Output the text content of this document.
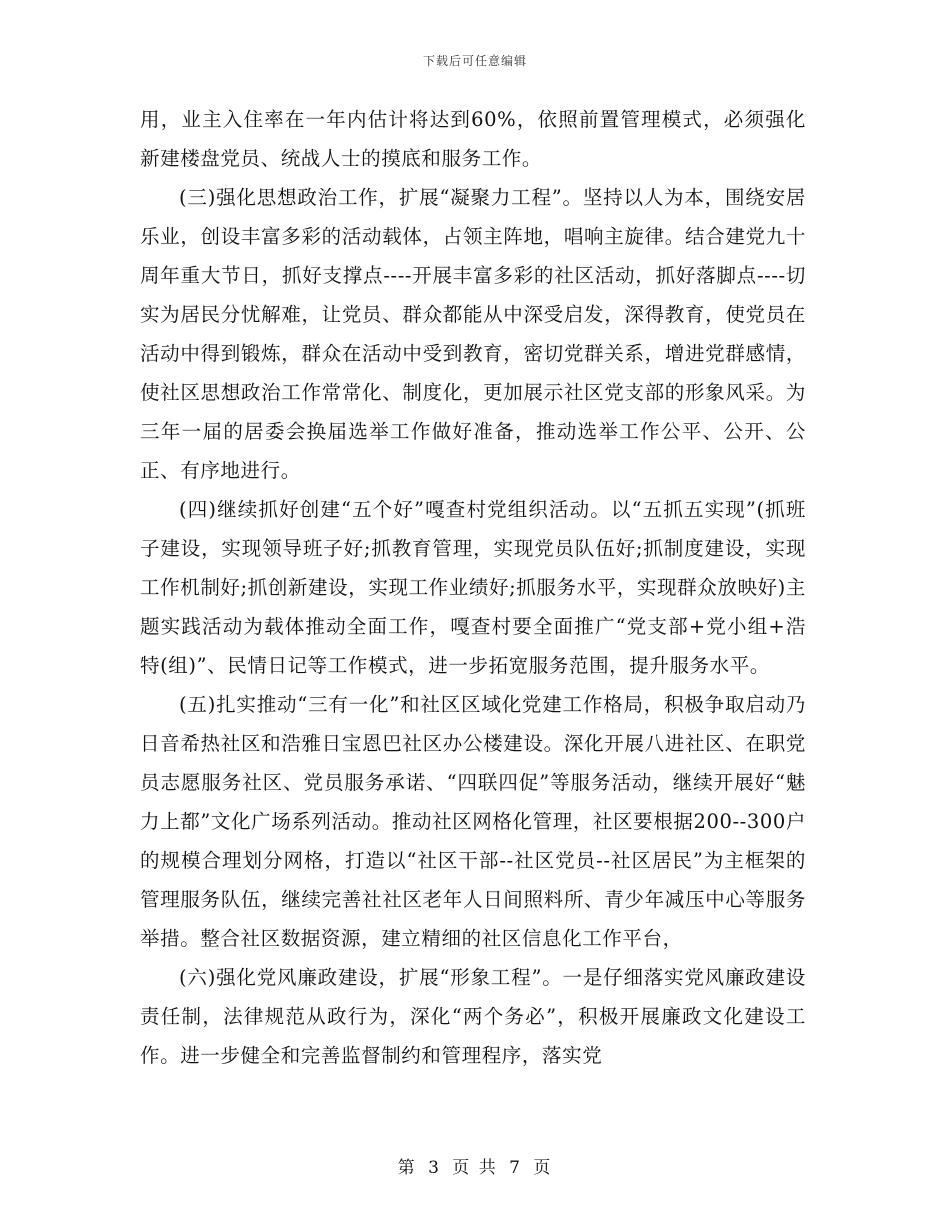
下载后可任意编辑

用，业主入住率在一年内估计将达到60%，依照前置管理模式，必须强化新建楼盘党员、统战人士的摸底和服务工作。

(三)强化思想政治工作，扩展“凝聚力工程”。坚持以人为本，围绕安居乐业，创设丰富多彩的活动载体，占领主阵地，唱响主旋律。结合建党九十周年重大节日，抓好支撑点----开展丰富多彩的社区活动，抓好落脚点----切实为居民分忧解难，让党员、群众都能从中深受启发，深得教育，使党员在活动中得到锻炼，群众在活动中受到教育，密切党群关系，增进党群感情，使社区思想政治工作常常化、制度化，更加展示社区党支部的形象风采。为三年一届的居委会换届选举工作做好准备，推动选举工作公平、公开、公正、有序地进行。

(四)继续抓好创建“五个好”嘎查村党组织活动。以“五抓五实现”(抓班子建设，实现领导班子好;抓教育管理，实现党员队伍好;抓制度建设，实现工作机制好;抓创新建设，实现工作业绩好;抓服务水平，实现群众放映好)主题实践活动为载体推动全面工作，嘎查村要全面推广“党支部+党小组+浩特(组)”、民情日记等工作模式，进一步拓宽服务范围，提升服务水平。

(五)扎实推动“三有一化”和社区区域化党建工作格局，积极争取启动乃日音希热社区和浩雅日宝恩巴社区办公楼建设。深化开展八进社区、在职党员志愿服务社区、党员服务承诺、“四联四促”等服务活动，继续开展好“魅力上都”文化广场系列活动。推动社区网格化管理，社区要根据200--300户的规模合理划分网格，打造以“社区干部--社区党员--社区居民”为主框架的管理服务队伍，继续完善社社区老年人日间照料所、青少年减压中心等服务举措。整合社区数据资源，建立精细的社区信息化工作平台，

(六)强化党风廉政建设，扩展“形象工程”。一是仔细落实党风廉政建设责任制，法律规范从政行为，深化“两个务必”，积极开展廉政文化建设工作。进一步健全和完善监督制约和管理程序，落实党

第 3 页 共 7 页
